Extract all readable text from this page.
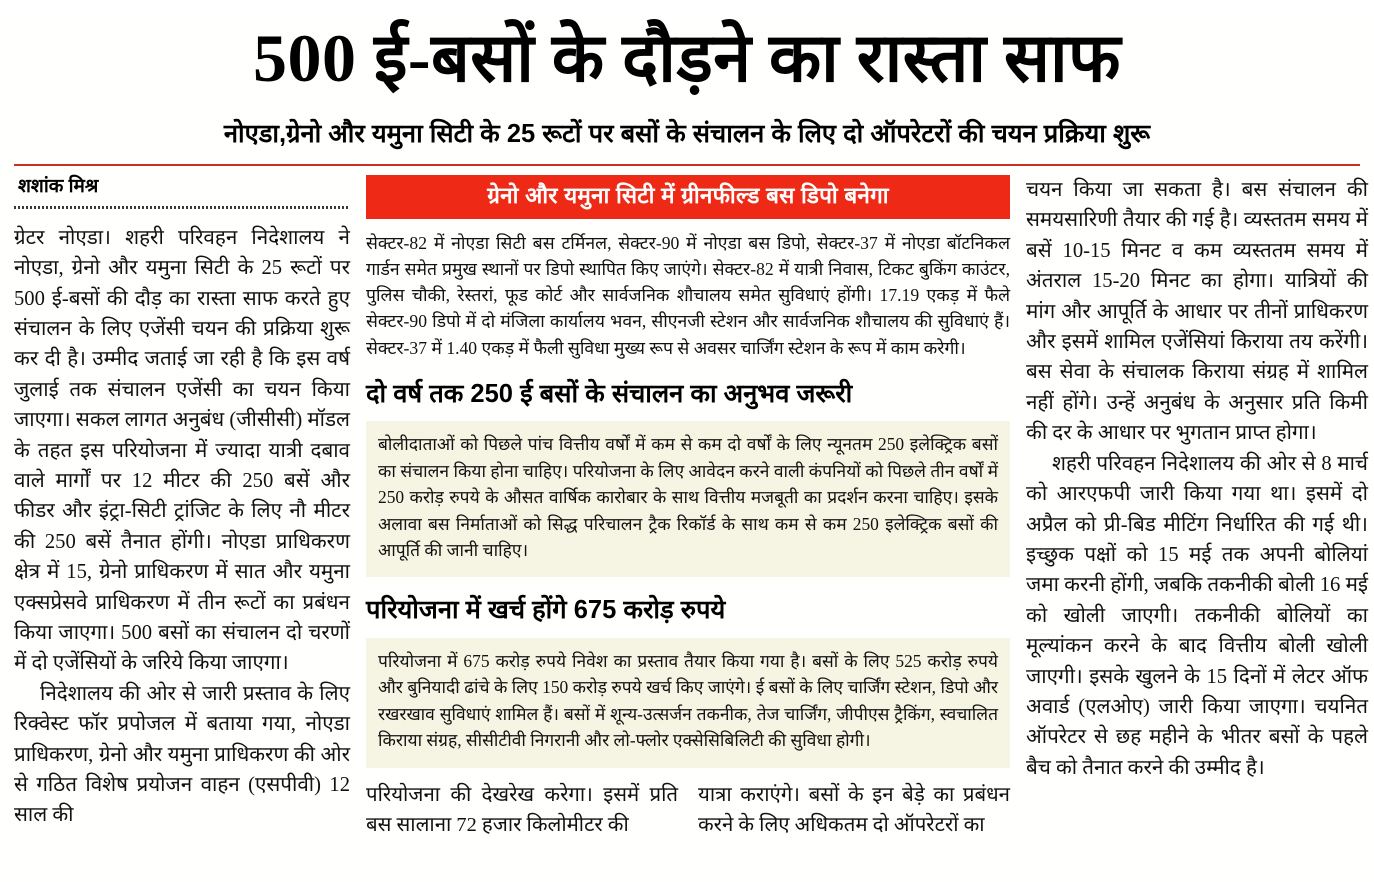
500 ई-बसों के दौड़ने का रास्ता साफ
नोएडा,ग्रेनो और यमुना सिटी के 25 रूटों पर बसों के संचालन के लिए दो ऑपरेटरों की चयन प्रक्रिया शुरू
शशांक मिश्र

ग्रेटर नोएडा। शहरी परिवहन निदेशालय ने नोएडा, ग्रेनो और यमुना सिटी के 25 रूटों पर 500 ई-बसों की दौड़ का रास्ता साफ करते हुए संचालन के लिए एजेंसी चयन की प्रक्रिया शुरू कर दी है। उम्मीद जताई जा रही है कि इस वर्ष जुलाई तक संचालन एजेंसी का चयन किया जाएगा। सकल लागत अनुबंध (जीसीसी) मॉडल के तहत इस परियोजना में ज्यादा यात्री दबाव वाले मार्गों पर 12 मीटर की 250 बसें और फीडर और इंट्रा-सिटी ट्रांजिट के लिए नौ मीटर की 250 बसें तैनात होंगी। नोएडा प्राधिकरण क्षेत्र में 15, ग्रेनो प्राधिकरण में सात और यमुना एक्सप्रेसवे प्राधिकरण में तीन रूटों का प्रबंधन किया जाएगा। 500 बसों का संचालन दो चरणों में दो एजेंसियों के जरिये किया जाएगा।

निदेशालय की ओर से जारी प्रस्ताव के लिए रिक्वेस्ट फॉर प्रपोजल में बताया गया, नोएडा प्राधिकरण, ग्रेनो और यमुना प्राधिकरण की ओर से गठित विशेष प्रयोजन वाहन (एसपीवी) 12 साल की

ग्रेनो और यमुना सिटी में ग्रीनफील्ड बस डिपो बनेगा

सेक्टर-82 में नोएडा सिटी बस टर्मिनल, सेक्टर-90 में नोएडा बस डिपो, सेक्टर-37 में नोएडा बॉटनिकल गार्डन समेत प्रमुख स्थानों पर डिपो स्थापित किए जाएंगे। सेक्टर-82 में यात्री निवास, टिकट बुकिंग काउंटर, पुलिस चौकी, रेस्तरां, फूड कोर्ट और सार्वजनिक शौचालय समेत सुविधाएं होंगी। 17.19 एकड़ में फैले सेक्टर-90 डिपो में दो मंजिला कार्यालय भवन, सीएनजी स्टेशन और सार्वजनिक शौचालय की सुविधाएं हैं। सेक्टर-37 में 1.40 एकड़ में फैली सुविधा मुख्य रूप से अवसर चार्जिंग स्टेशन के रूप में काम करेगी।

दो वर्ष तक 250 ई बसों के संचालन का अनुभव जरूरी

बोलीदाताओं को पिछले पांच वित्तीय वर्षों में कम से कम दो वर्षों के लिए न्यूनतम 250 इलेक्ट्रिक बसों का संचालन किया होना चाहिए। परियोजना के लिए आवेदन करने वाली कंपनियों को पिछले तीन वर्षों में 250 करोड़ रुपये के औसत वार्षिक कारोबार के साथ वित्तीय मजबूती का प्रदर्शन करना चाहिए। इसके अलावा बस निर्माताओं को सिद्ध परिचालन ट्रैक रिकॉर्ड के साथ कम से कम 250 इलेक्ट्रिक बसों की आपूर्ति की जानी चाहिए।

परियोजना में खर्च होंगे 675 करोड़ रुपये

परियोजना में 675 करोड़ रुपये निवेश का प्रस्ताव तैयार किया गया है। बसों के लिए 525 करोड़ रुपये और बुनियादी ढांचे के लिए 150 करोड़ रुपये खर्च किए जाएंगे। ई बसों के लिए चार्जिंग स्टेशन, डिपो और रखरखाव सुविधाएं शामिल हैं। बसों में शून्य-उत्सर्जन तकनीक, तेज चार्जिंग, जीपीएस ट्रैकिंग, स्वचालित किराया संग्रह, सीसीटीवी निगरानी और लो-फ्लोर एक्सेसिबिलिटी की सुविधा होगी।

परियोजना की देखरेख करेगा। इसमें प्रति बस सालाना 72 हजार किलोमीटर की

यात्रा कराएंगे। बसों के इन बेड़े का प्रबंधन करने के लिए अधिकतम दो ऑपरेटरों का

चयन किया जा सकता है। बस संचालन की समयसारिणी तैयार की गई है। व्यस्ततम समय में बसें 10-15 मिनट व कम व्यस्ततम समय में अंतराल 15-20 मिनट का होगा। यात्रियों की मांग और आपूर्ति के आधार पर तीनों प्राधिकरण और इसमें शामिल एजेंसियां किराया तय करेंगी। बस सेवा के संचालक किराया संग्रह में शामिल नहीं होंगे। उन्हें अनुबंध के अनुसार प्रति किमी की दर के आधार पर भुगतान प्राप्त होगा।

शहरी परिवहन निदेशालय की ओर से 8 मार्च को आरएफपी जारी किया गया था। इसमें दो अप्रैल को प्री-बिड मीटिंग निर्धारित की गई थी। इच्छुक पक्षों को 15 मई तक अपनी बोलियां जमा करनी होंगी, जबकि तकनीकी बोली 16 मई को खोली जाएगी। तकनीकी बोलियों का मूल्यांकन करने के बाद वित्तीय बोली खोली जाएगी। इसके खुलने के 15 दिनों में लेटर ऑफ अवार्ड (एलओए) जारी किया जाएगा। चयनित ऑपरेटर से छह महीने के भीतर बसों के पहले बैच को तैनात करने की उम्मीद है।
